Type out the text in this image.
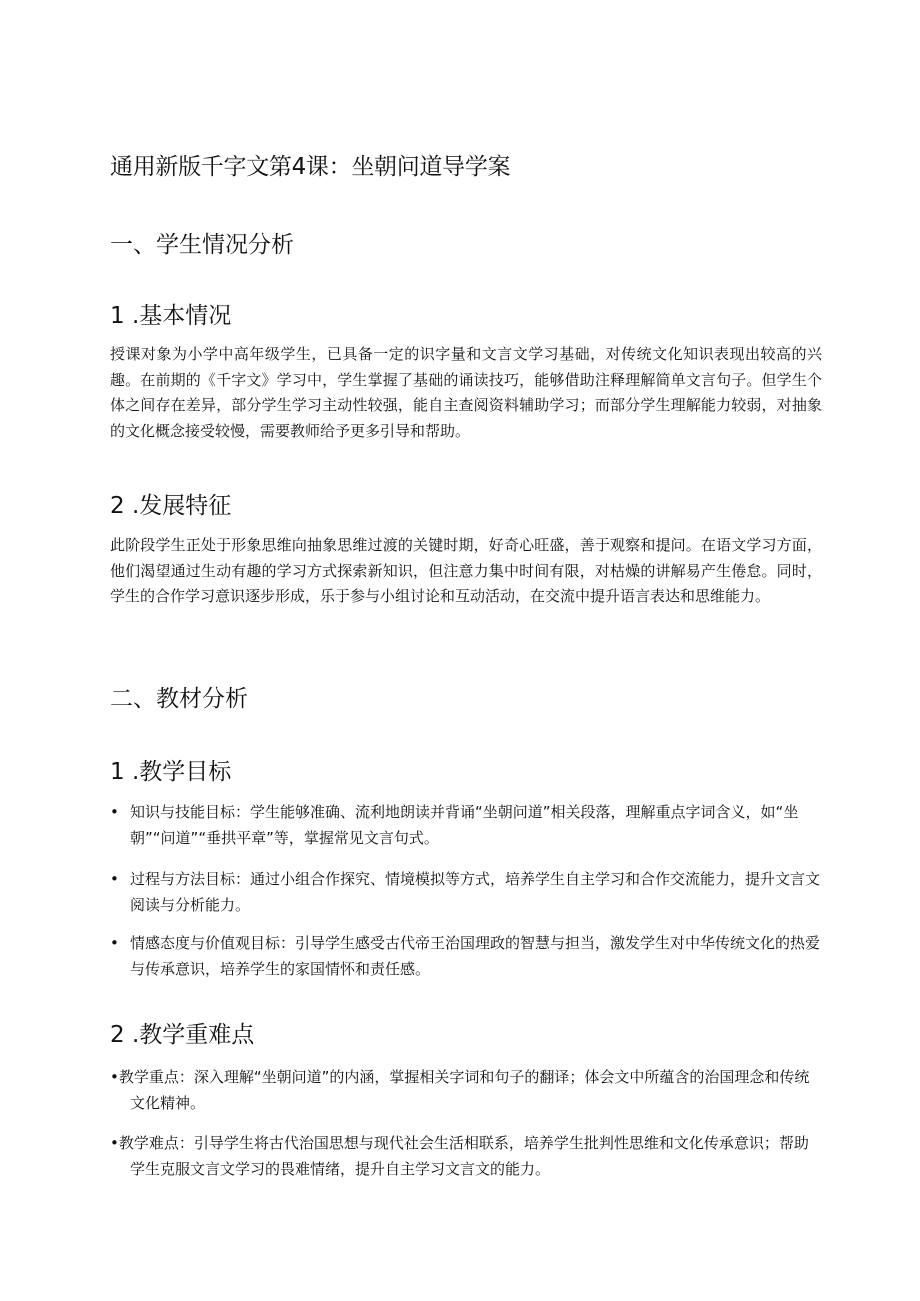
通用新版千字文第4课：坐朝问道导学案
一、学生情况分析
1 .基本情况

授课对象为小学中高年级学生，已具备一定的识字量和文言文学习基础，对传统文化知识表现出较高的兴趣。在前期的《千字文》学习中，学生掌握了基础的诵读技巧，能够借助注释理解简单文言句子。但学生个体之间存在差异，部分学生学习主动性较强，能自主查阅资料辅助学习；而部分学生理解能力较弱，对抽象的文化概念接受较慢，需要教师给予更多引导和帮助。

2 .发展特征

此阶段学生正处于形象思维向抽象思维过渡的关键时期，好奇心旺盛，善于观察和提问。在语文学习方面，他们渴望通过生动有趣的学习方式探索新知识，但注意力集中时间有限，对枯燥的讲解易产生倦怠。同时，学生的合作学习意识逐步形成，乐于参与小组讨论和互动活动，在交流中提升语言表达和思维能力。

二、教材分析
1 .教学目标
• 知识与技能目标：学生能够准确、流利地朗读并背诵“坐朝问道”相关段落，理解重点字词含义，如“坐朝”“问道”“垂拱平章”等，掌握常见文言句式。
• 过程与方法目标：通过小组合作探究、情境模拟等方式，培养学生自主学习和合作交流能力，提升文言文阅读与分析能力。
• 情感态度与价值观目标：引导学生感受古代帝王治国理政的智慧与担当，激发学生对中华传统文化的热爱与传承意识，培养学生的家国情怀和责任感。
2 .教学重难点
•教学重点：深入理解“坐朝问道”的内涵，掌握相关字词和句子的翻译；体会文中所蕴含的治国理念和传统文化精神。
•教学难点：引导学生将古代治国思想与现代社会生活相联系，培养学生批判性思维和文化传承意识；帮助学生克服文言文学习的畏难情绪，提升自主学习文言文的能力。
